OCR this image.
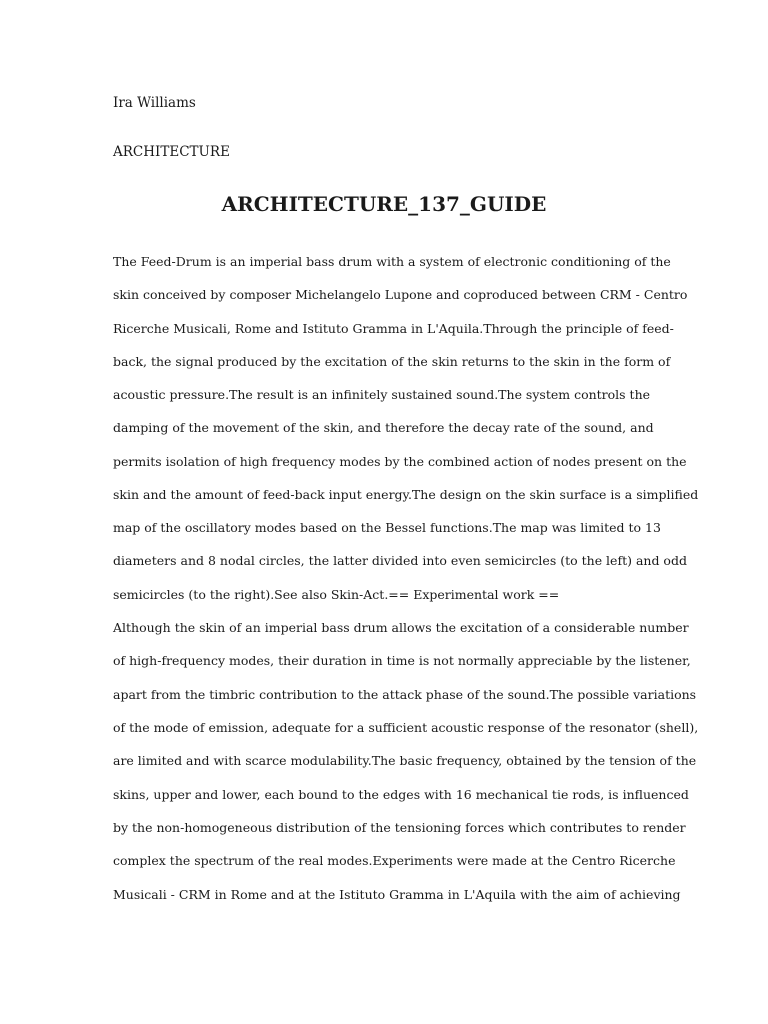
Ira Williams
ARCHITECTURE
ARCHITECTURE_137_GUIDE
The Feed-Drum is an imperial bass drum with a system of electronic conditioning of the
skin conceived by composer Michelangelo Lupone and coproduced between CRM - Centro
Ricerche Musicali, Rome and Istituto Gramma in L'Aquila.Through the principle of feed-
back, the signal produced by the excitation of the skin returns to the skin in the form of
acoustic pressure.The result is an infinitely sustained sound.The system controls the
damping of the movement of the skin, and therefore the decay rate of the sound, and
permits isolation of high frequency modes by the combined action of nodes present on the
skin and the amount of feed-back input energy.The design on the skin surface is a simplified
map of the oscillatory modes based on the Bessel functions.The map was limited to 13
diameters and 8 nodal circles, the latter divided into even semicircles (to the left) and odd
semicircles (to the right).See also Skin-Act.== Experimental work ==
Although the skin of an imperial bass drum allows the excitation of a considerable number
of high-frequency modes, their duration in time is not normally appreciable by the listener,
apart from the timbric contribution to the attack phase of the sound.The possible variations
of the mode of emission, adequate for a sufficient acoustic response of the resonator (shell),
are limited and with scarce modulability.The basic frequency, obtained by the tension of the
skins, upper and lower, each bound to the edges with 16 mechanical tie rods, is influenced
by the non-homogeneous distribution of the tensioning forces which contributes to render
complex the spectrum of the real modes.Experiments were made at the Centro Ricerche
Musicali - CRM in Rome and at the Istituto Gramma in L'Aquila with the aim of achieving
